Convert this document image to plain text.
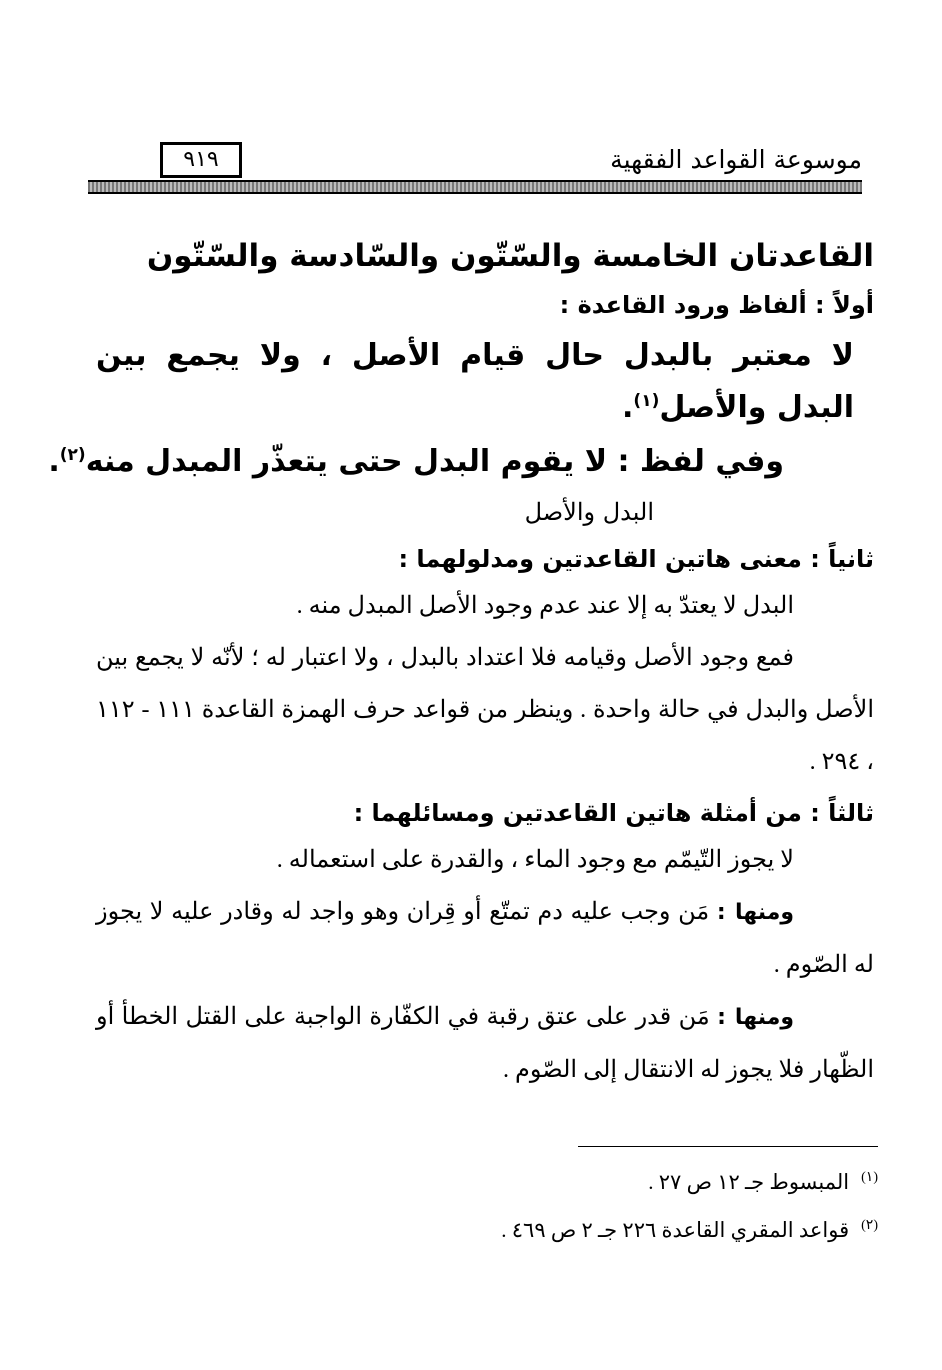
موسوعة القواعد الفقهية
٩١٩
القاعدتان الخامسة والسّتّون والسّادسة والسّتّون

أولاً : ألفاظ ورود القاعدة :

لا معتبر بالبدل حال قيام الأصل ، ولا يجمع بين البدل والأصل$^{(١)}$.

وفي لفظ : لا يقوم البدل حتى يتعذّر المبدل منه$^{(٢)}$.

البدل والأصل

ثانياً : معنى هاتين القاعدتين ومدلولهما :

البدل لا يعتدّ به إلا عند عدم وجود الأصل المبدل منه .

فمع وجود الأصل وقيامه فلا اعتداد بالبدل ، ولا اعتبار له ؛ لأنّه لا يجمع بين الأصل والبدل في حالة واحدة . وينظر من قواعد حرف الهمزة القاعدة ١١١ - ١١٢ ، ٢٩٤ .

ثالثاً : من أمثلة هاتين القاعدتين ومسائلهما :

لا يجوز التّيمّم مع وجود الماء ، والقدرة على استعماله .

ومنها : مَن وجب عليه دم تمتّع أو قِران وهو واجد له وقادر عليه لا يجوز له الصّوم .

ومنها : مَن قدر على عتق رقبة في الكفّارة الواجبة على القتل الخطأ أو الظّهار فلا يجوز له الانتقال إلى الصّوم .

$^{(١)}$المبسوط جـ ١٢ ص ٢٧ .

$^{(٢)}$قواعد المقري القاعدة ٢٢٦ جـ ٢ ص ٤٦٩ .
